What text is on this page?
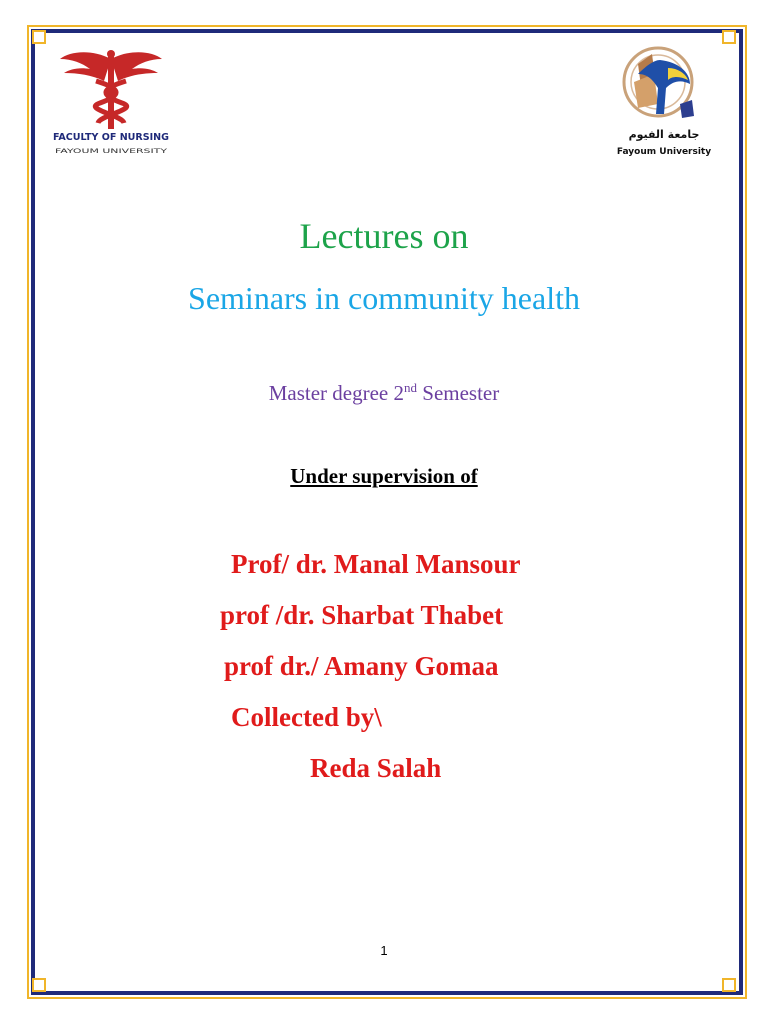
FACULTY OF NURSING
FAYOUM UNIVERSITY
جامعة الفيوم
Fayoum University

Lectures on

Seminars in community health

Master degree 2nd Semester

Under supervision of

Prof/ dr. Manal Mansour

prof /dr. Sharbat Thabet

prof dr./ Amany Gomaa

Collected by\

Reda Salah

1
